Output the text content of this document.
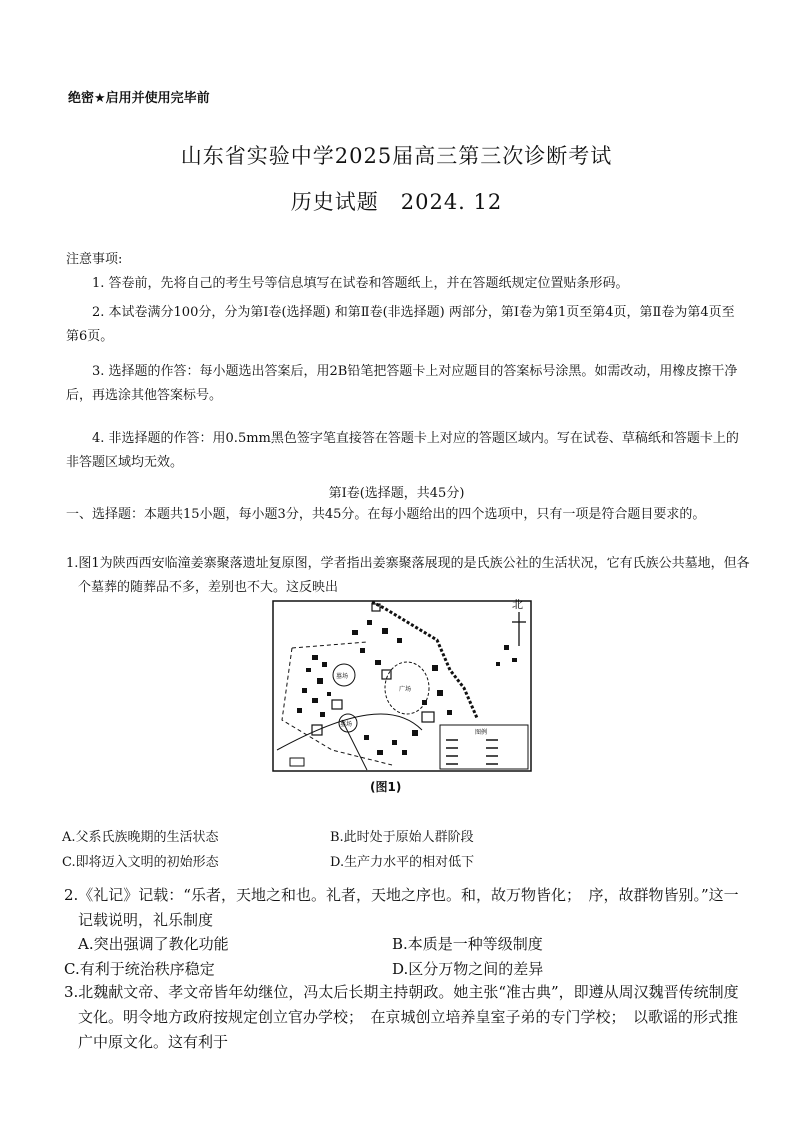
绝密★启用并使用完毕前
山东省实验中学2025届高三第三次诊断考试
历史试题　2024. 12
注意事项:
1. 答卷前，先将自己的考生号等信息填写在试卷和答题纸上，并在答题纸规定位置贴条形码。
2. 本试卷满分100分，分为第Ⅰ卷(选择题) 和第Ⅱ卷(非选择题) 两部分，第Ⅰ卷为第1页至第4页，第Ⅱ卷为第4页至第6页。
3. 选择题的作答：每小题选出答案后，用2B铅笔把答题卡上对应题目的答案标号涂黑。如需改动，用橡皮擦干净后，再选涂其他答案标号。
4. 非选择题的作答：用0.5mm黑色签字笔直接答在答题卡上对应的答题区域内。写在试卷、草稿纸和答题卡上的非答题区域均无效。
第Ⅰ卷(选择题，共45分)
一、选择题：本题共15小题，每小题3分，共45分。在每小题给出的四个选项中，只有一项是符合题目要求的。
1.图1为陕西西安临潼姜寨聚落遗址复原图，学者指出姜寨聚落展现的是氏族公社的生活状况，它有氏族公共墓地，但各个墓葬的随葬品不多，差别也不大。这反映出
墓场
广场
墓场
图例
北
(图1)
A.父系氏族晚期的生活状态	B.此时处于原始人群阶段
C.即将迈入文明的初始形态	D.生产力水平的相对低下
2.《礼记》记载：“乐者，天地之和也。礼者，天地之序也。和，故万物皆化；　序，故群物皆别。”这一记载说明，礼乐制度
A.突出强调了教化功能	B.本质是一种等级制度
C.有利于统治秩序稳定	D.区分万物之间的差异
3.北魏献文帝、孝文帝皆年幼继位，冯太后长期主持朝政。她主张“准古典”，即遵从周汉魏晋传统制度文化。明令地方政府按规定创立官办学校；　在京城创立培养皇室子弟的专门学校；　以歌谣的形式推广中原文化。这有利于
